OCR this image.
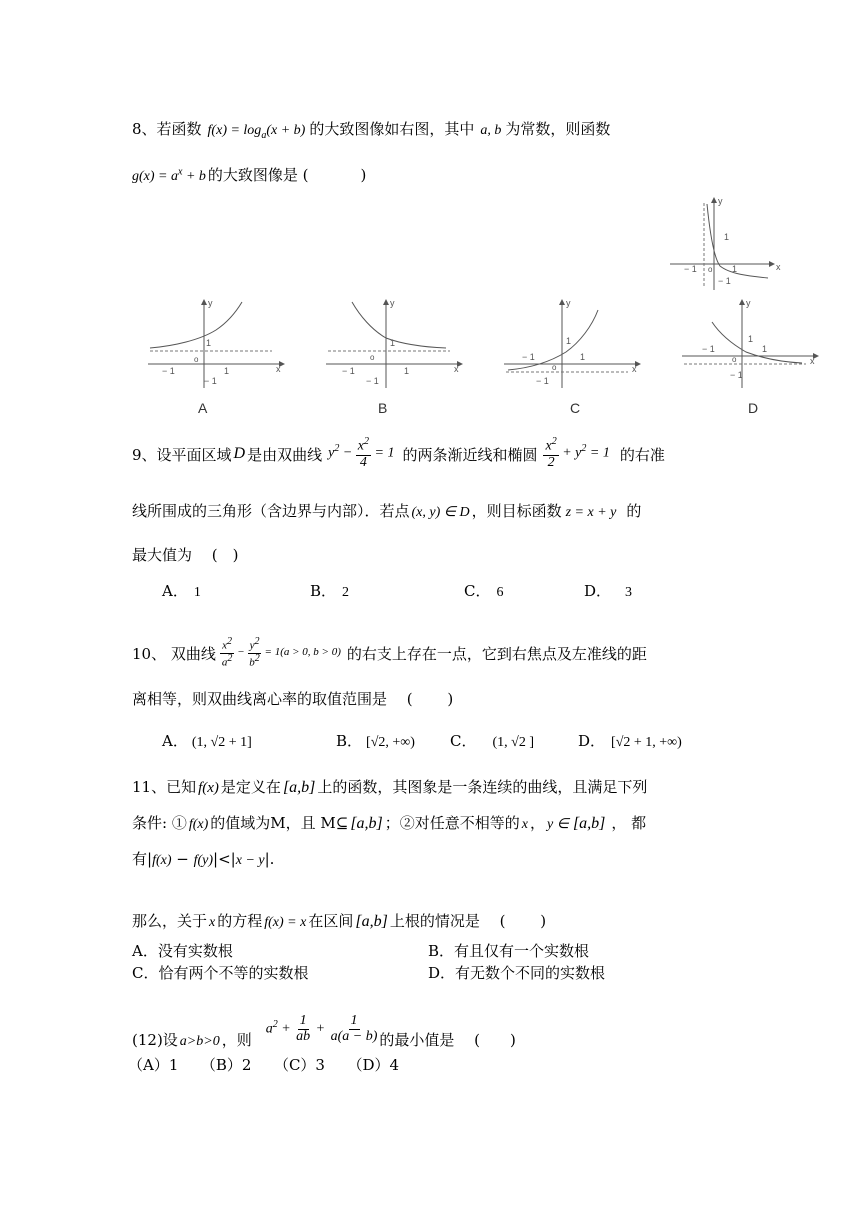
8、若函数 $f(x) = \log_a(x + b)$ 的大致图像如右图，其中 a, b 为常数，则函数
$g(x) = a^x + b$ 的大致图像是 (	)
x
y
1
− 1 o
− 1
1
x
y
1
− 1
o
1
− 1
x
y
1
− 1
o
1
− 1
x
y
1
− 1
o
1
− 1
x
y
1
− 1
o
1
− 1
A	B	C	D
9、设平面区域 D 是由双曲线 $y^2 - \frac{x^2}{4} = 1$ 的两条渐近线和椭圆 $\frac{x^2}{2} + y^2 = 1$ 的右准
线所围成的三角形（含边界与内部）．若点 (x, y) ∈ D ，则目标函数 z = x + y 的
最大值为　 (　)
A． 1	B． 2	C． 6	D． 3
10、 双曲线 $\frac{x^2}{a^2} - \frac{y^2}{b^2} = 1(a > 0$, b > 0) 的右支上存在一点，它到右焦点及左准线的距
离相等，则双曲线离心率的取值范围是　 (　　 )
A． (1, √2 + 1]	B． [√2, +∞) C． (1, √2 ]	D． [√2 + 1, +∞)
11、已知 f(x) 是定义在 [a,b] 上的函数，其图象是一条连续的曲线，且满足下列
条件: ① f(x) 的值域为M，且 M⊆ [a,b] ；②对任意不相等的 x ， y ∈ [a,b] ， 都
有|f(x) − f(y)|<|x − y|.
那么，关于 x 的方程 f(x) = x 在区间 [a,b] 上根的情况是　 (　　 )
A．没有实数根	B．有且仅有一个实数根
C．恰有两个不等的实数根	D．有无数个不同的实数根
(12)设 a>b>0 ，则
$a^2 + \frac{1}{ab} + \frac{1}{a(a - b)}$ 的最小值是　 (　　)
（A）1　　（B）2　　（C）3　　（D）4
